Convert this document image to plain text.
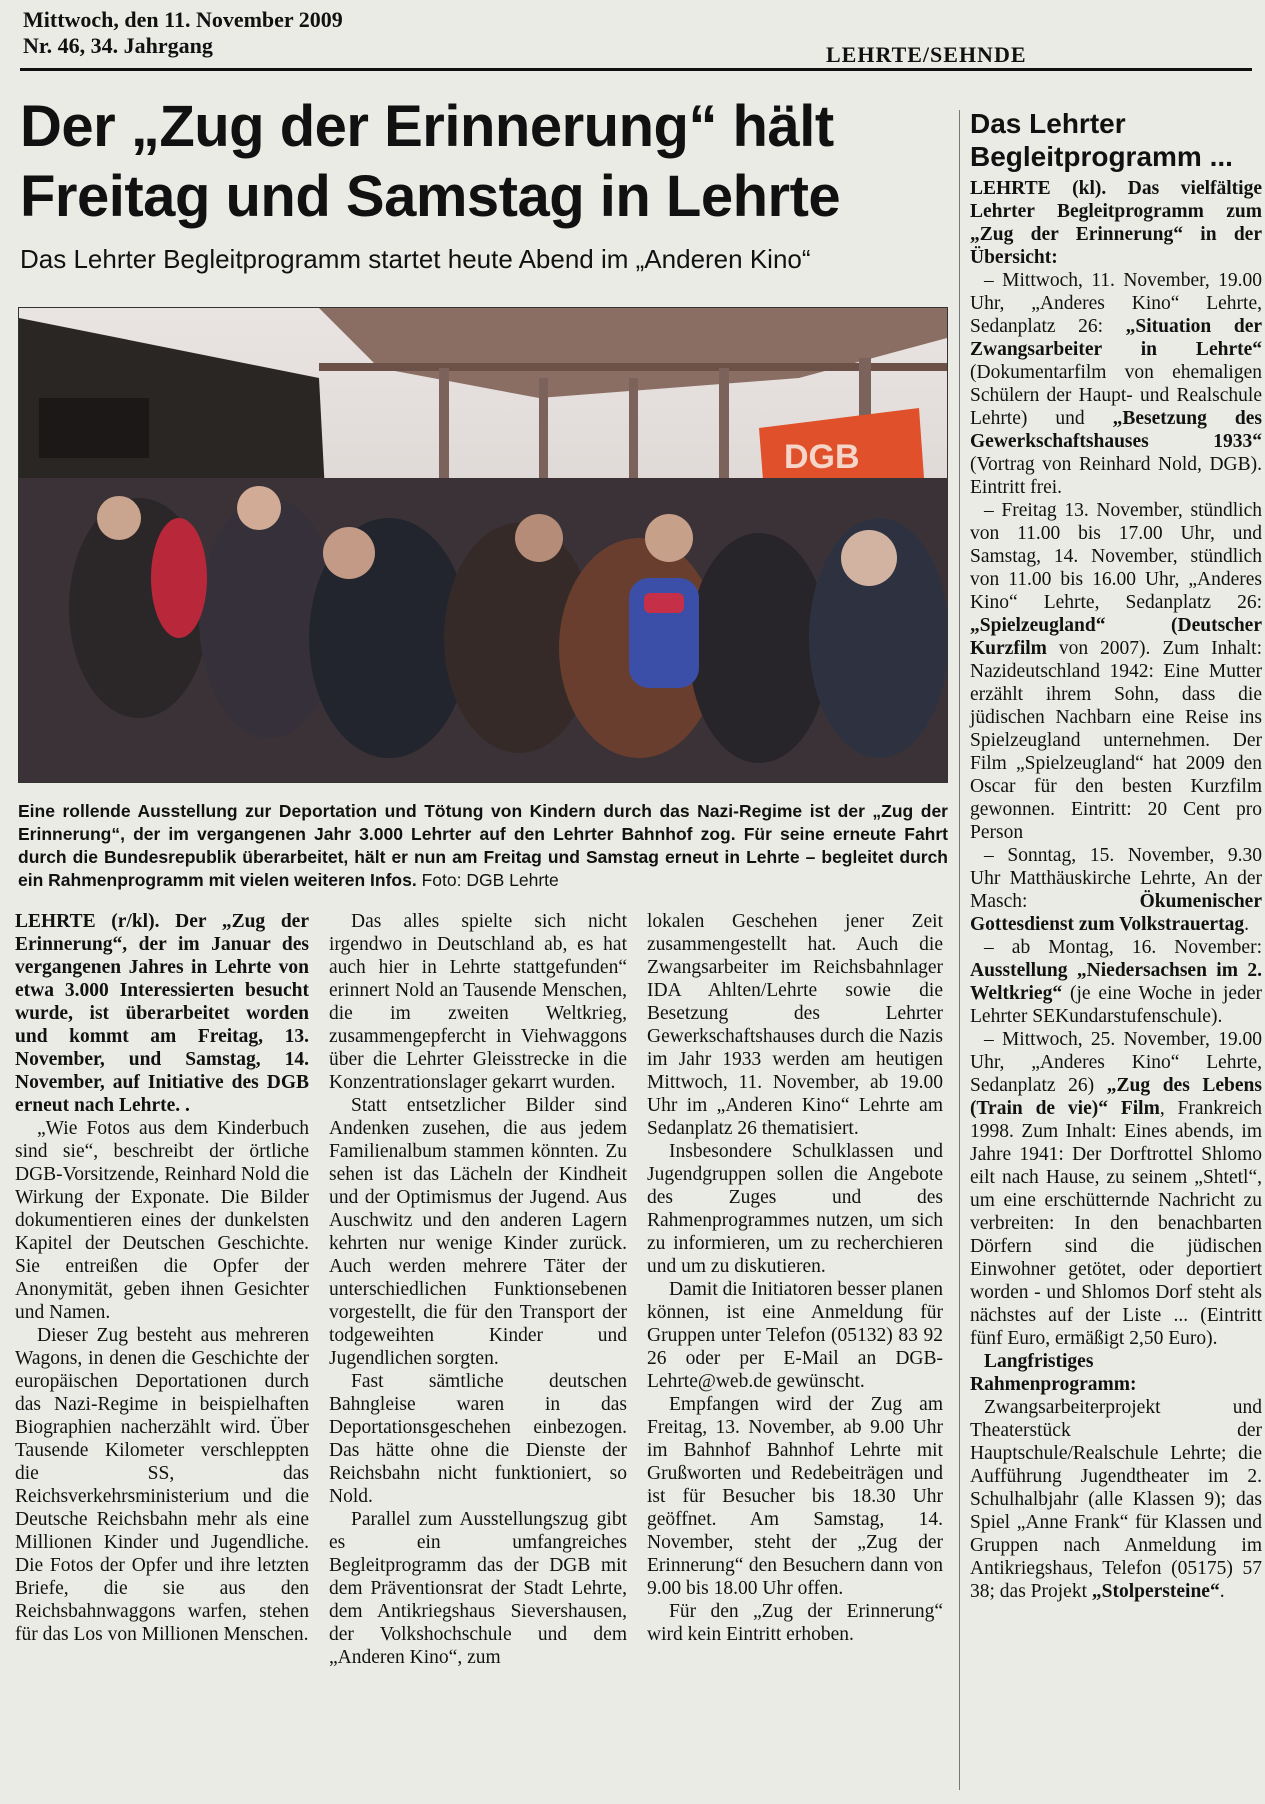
Mittwoch, den 11. November 2009
Nr. 46, 34. Jahrgang	LEHRTE/SEHNDE
Der „Zug der Erinnerung“ hält Freitag und Samstag in Lehrte
Das Lehrter Begleitprogramm startet heute Abend im „Anderen Kino“
DGB
Eine rollende Ausstellung zur Deportation und Tötung von Kindern durch das Nazi-Regime ist der „Zug der Erinnerung“, der im vergangenen Jahr 3.000 Lehrter auf den Lehrter Bahnhof zog. Für seine erneute Fahrt durch die Bundesrepublik überarbeitet, hält er nun am Freitag und Samstag erneut in Lehrte – begleitet durch ein Rahmenprogramm mit vielen weiteren Infos. Foto: DGB Lehrte

LEHRTE (r/kl). Der „Zug der Erinnerung“, der im Januar des vergangenen Jahres in Lehrte von etwa 3.000 Interessierten besucht wurde, ist überarbeitet worden und kommt am Freitag, 13. November, und Samstag, 14. November, auf Initiative des DGB erneut nach Lehrte. .

„Wie Fotos aus dem Kinderbuch sind sie“, beschreibt der örtliche DGB-Vorsitzende, Reinhard Nold die Wirkung der Exponate. Die Bilder dokumentieren eines der dunkelsten Kapitel der Deutschen Geschichte. Sie entreißen die Opfer der Anonymität, geben ihnen Gesichter und Namen.

Dieser Zug besteht aus mehreren Wagons, in denen die Geschichte der europäischen Deportationen durch das Nazi-Regime in beispielhaften Biographien nacherzählt wird. Über Tausende Kilometer verschleppten die SS, das Reichsverkehrsministerium und die Deutsche Reichsbahn mehr als eine Millionen Kinder und Jugendliche. Die Fotos der Opfer und ihre letzten Briefe, die sie aus den Reichsbahnwaggons warfen, stehen für das Los von Millionen Menschen.

Das alles spielte sich nicht irgendwo in Deutschland ab, es hat auch hier in Lehrte stattgefunden“ erinnert Nold an Tausende Menschen, die im zweiten Weltkrieg, zusammengepfercht in Viehwaggons über die Lehrter Gleisstrecke in die Konzentrationslager gekarrt wurden.

Statt entsetzlicher Bilder sind Andenken zusehen, die aus jedem Familienalbum stammen könnten. Zu sehen ist das Lächeln der Kindheit und der Optimismus der Jugend. Aus Auschwitz und den anderen Lagern kehrten nur wenige Kinder zurück. Auch werden mehrere Täter der unterschiedlichen Funktionsebenen vorgestellt, die für den Transport der todgeweihten Kinder und Jugendlichen sorgten.

Fast sämtliche deutschen Bahngleise waren in das Deportationsgeschehen einbezogen. Das hätte ohne die Dienste der Reichsbahn nicht funktioniert, so Nold.

Parallel zum Ausstellungszug gibt es ein umfangreiches Begleitprogramm das der DGB mit dem Präventionsrat der Stadt Lehrte, dem Antikriegshaus Sievershausen, der Volkshochschule und dem „Anderen Kino“, zum

lokalen Geschehen jener Zeit zusammengestellt hat. Auch die Zwangsarbeiter im Reichsbahnlager IDA Ahlten/Lehrte sowie die Besetzung des Lehrter Gewerkschaftshauses durch die Nazis im Jahr 1933 werden am heutigen Mittwoch, 11. November, ab 19.00 Uhr im „Anderen Kino“ Lehrte am Sedanplatz 26 thematisiert.

Insbesondere Schulklassen und Jugendgruppen sollen die Angebote des Zuges und des Rahmenprogrammes nutzen, um sich zu informieren, um zu recherchieren und um zu diskutieren.

Damit die Initiatoren besser planen können, ist eine Anmeldung für Gruppen unter Telefon (05132) 83 92 26 oder per E-Mail an DGB-Lehrte@web.de gewünscht.

Empfangen wird der Zug am Freitag, 13. November, ab 9.00 Uhr im Bahnhof Bahnhof Lehrte mit Grußworten und Redebeiträgen und ist für Besucher bis 18.30 Uhr geöffnet. Am Samstag, 14. November, steht der „Zug der Erinnerung“ den Besuchern dann von 9.00 bis 18.00 Uhr offen.

Für den „Zug der Erinnerung“ wird kein Eintritt erhoben.

Das Lehrter Begleitprogramm ...

LEHRTE (kl). Das vielfältige Lehrter Begleitprogramm zum „Zug der Erinnerung“ in der Übersicht:

– Mittwoch, 11. November, 19.00 Uhr, „Anderes Kino“ Lehrte, Sedanplatz 26: „Situation der Zwangsarbeiter in Lehrte“ (Dokumentarfilm von ehemaligen Schülern der Haupt- und Realschule Lehrte) und „Besetzung des Gewerkschaftshauses 1933“ (Vortrag von Reinhard Nold, DGB). Eintritt frei.

– Freitag 13. November, stündlich von 11.00 bis 17.00 Uhr, und Samstag, 14. November, stündlich von 11.00 bis 16.00 Uhr, „Anderes Kino“ Lehrte, Sedanplatz 26: „Spielzeugland“ (Deutscher Kurzfilm von 2007). Zum Inhalt: Nazideutschland 1942: Eine Mutter erzählt ihrem Sohn, dass die jüdischen Nachbarn eine Reise ins Spielzeugland unternehmen. Der Film „Spielzeugland“ hat 2009 den Oscar für den besten Kurzfilm gewonnen. Eintritt: 20 Cent pro Person

– Sonntag, 15. November, 9.30 Uhr Matthäuskirche Lehrte, An der Masch: Ökumenischer Gottesdienst zum Volkstrauertag.

– ab Montag, 16. November: Ausstellung „Niedersachsen im 2. Weltkrieg“ (je eine Woche in jeder Lehrter SEKundarstufenschule).

– Mittwoch, 25. November, 19.00 Uhr, „Anderes Kino“ Lehrte, Sedanplatz 26) „Zug des Lebens (Train de vie)“ Film, Frankreich 1998. Zum Inhalt: Eines abends, im Jahre 1941: Der Dorftrottel Shlomo eilt nach Hause, zu seinem „Shtetl“, um eine erschütternde Nachricht zu verbreiten: In den benachbarten Dörfern sind die jüdischen Einwohner getötet, oder deportiert worden - und Shlomos Dorf steht als nächstes auf der Liste ... (Eintritt fünf Euro, ermäßigt 2,50 Euro).

Langfristiges Rahmenprogramm:

Zwangsarbeiterprojekt und Theaterstück der Hauptschule/Realschule Lehrte; die Aufführung Jugendtheater im 2. Schulhalbjahr (alle Klassen 9); das Spiel „Anne Frank“ für Klassen und Gruppen nach Anmeldung im Antikriegshaus, Telefon (05175) 57 38; das Projekt „Stolpersteine“.
